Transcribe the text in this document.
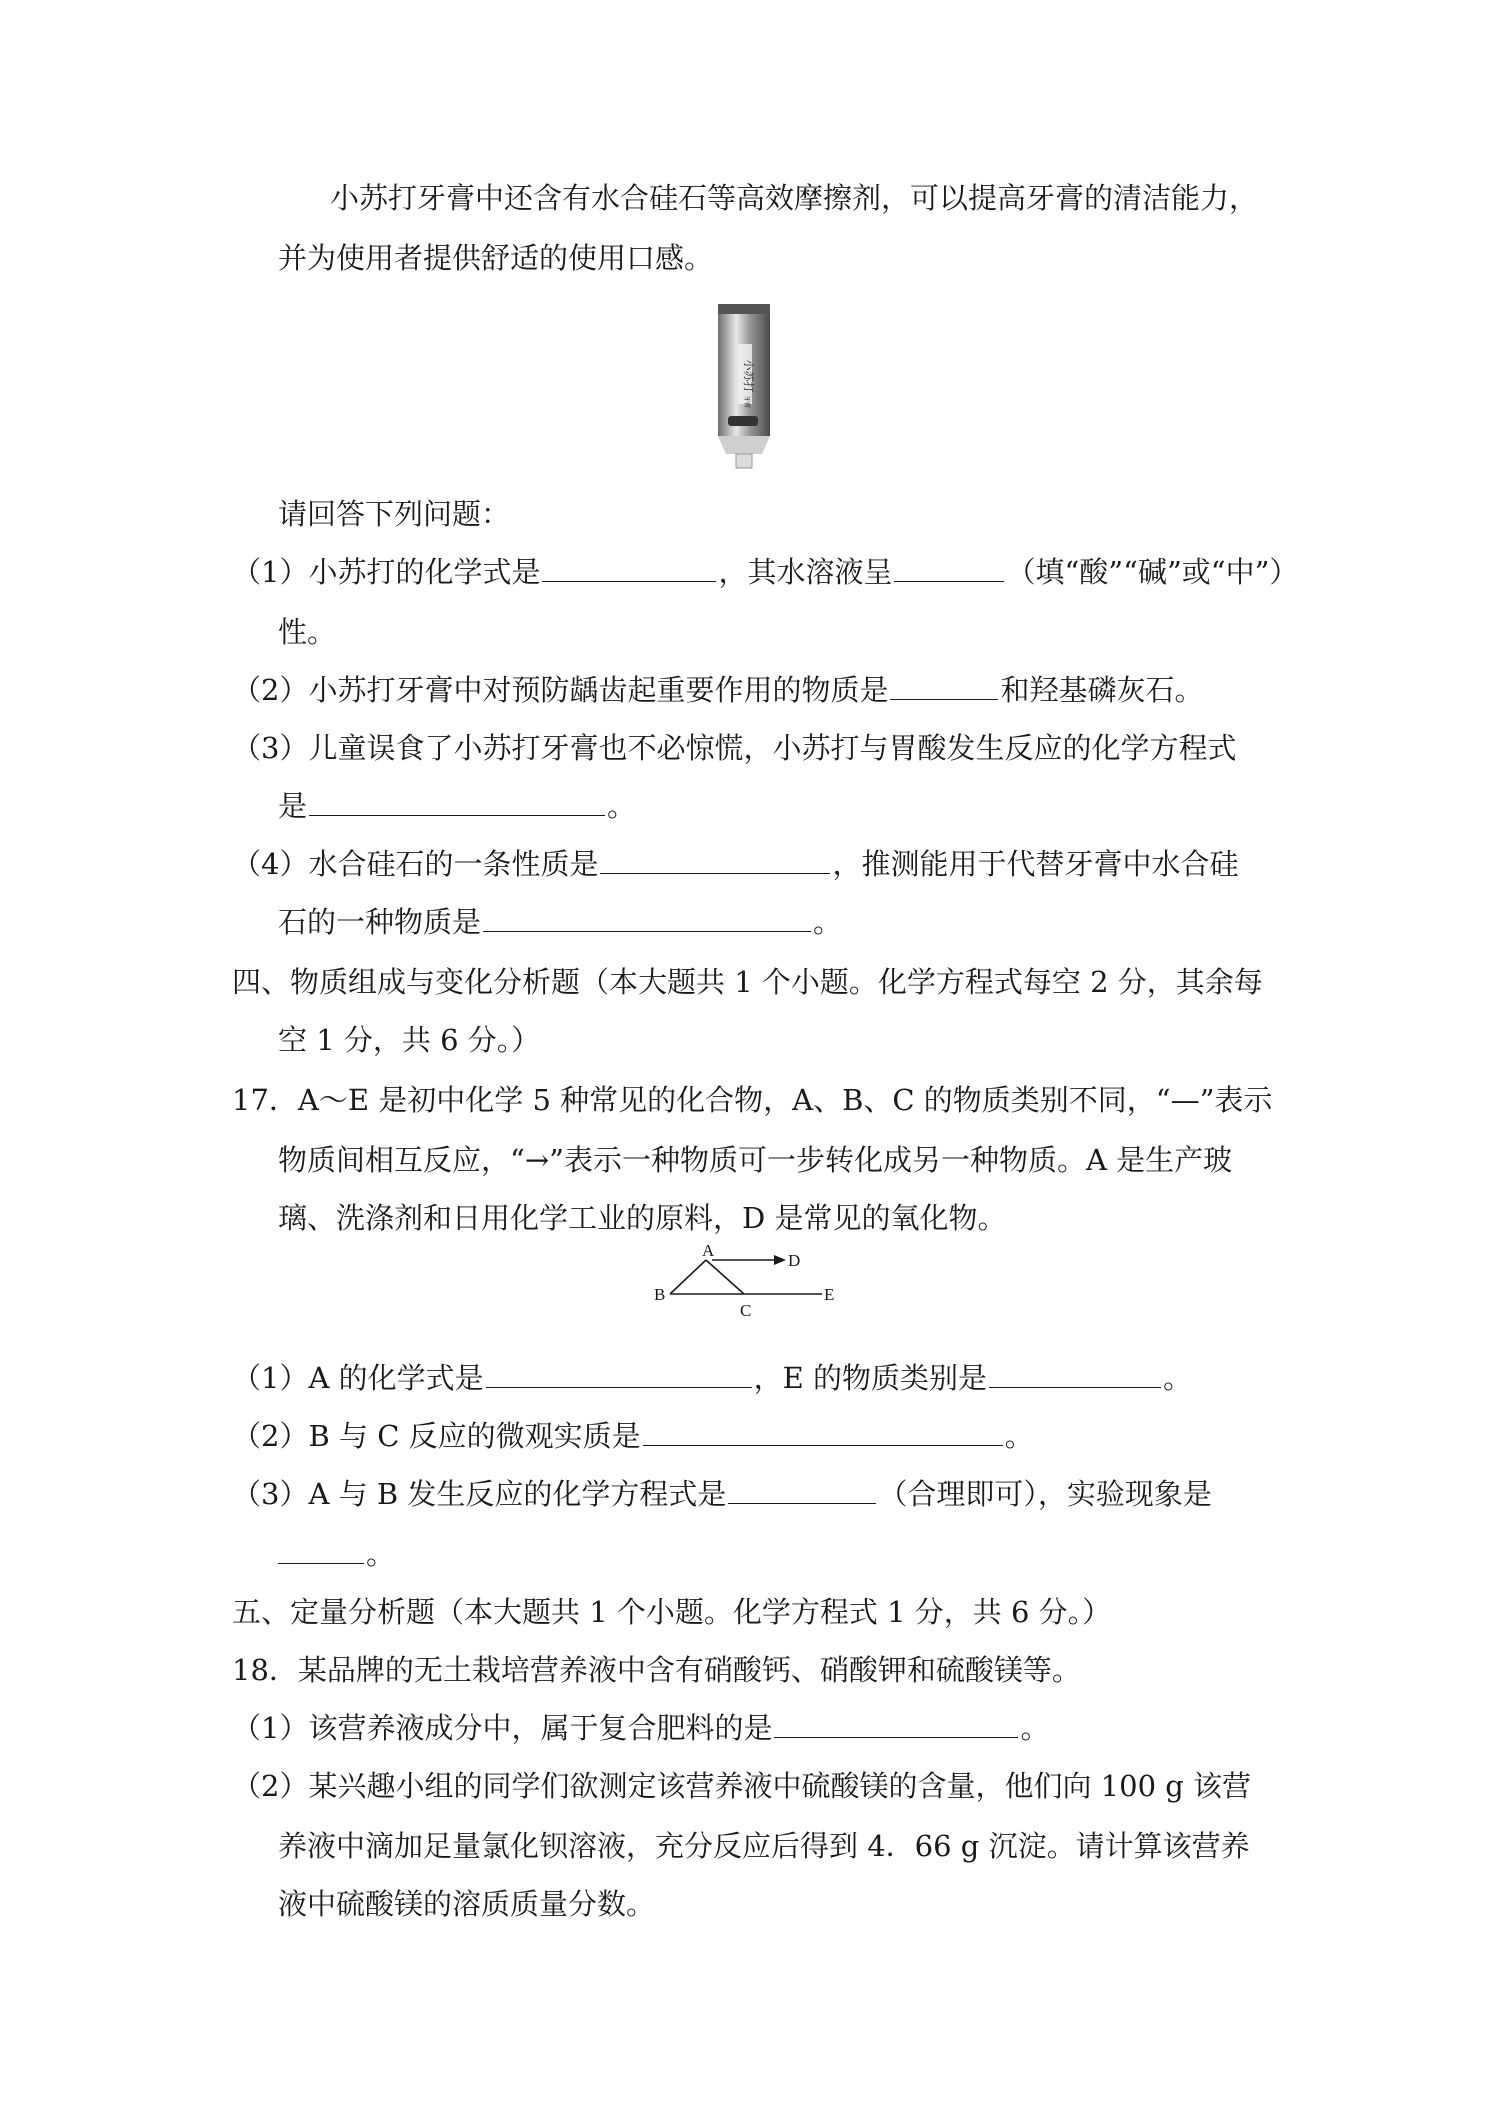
小苏打牙膏中还含有水合硅石等高效摩擦剂，可以提高牙膏的清洁能力，
并为使用者提供舒适的使用口感。
小苏打
牙膏
请回答下列问题：
（1）小苏打的化学式是	，其水溶液呈	（填“酸”“碱”或“中”）
性。
（2）小苏打牙膏中对预防龋齿起重要作用的物质是	和羟基磷灰石。
（3）儿童误食了小苏打牙膏也不必惊慌，小苏打与胃酸发生反应的化学方程式
是	。
（4）水合硅石的一条性质是	，推测能用于代替牙膏中水合硅
石的一种物质是	。
四、物质组成与变化分析题（本大题共 1 个小题。化学方程式每空 2 分，其余每
空 1 分，共 6 分。）
17．A～E 是初中化学 5 种常见的化合物，A、B、C 的物质类别不同，“—”表示
物质间相互反应，“→”表示一种物质可一步转化成另一种物质。A 是生产玻
璃、洗涤剂和日用化学工业的原料，D 是常见的氧化物。
A
D
B
C
E
（1）A 的化学式是	，E 的物质类别是	。
（2）B 与 C 反应的微观实质是	。
（3）A 与 B 发生反应的化学方程式是	（合理即可），实验现象是
。
五、定量分析题（本大题共 1 个小题。化学方程式 1 分，共 6 分。）
18．某品牌的无土栽培营养液中含有硝酸钙、硝酸钾和硫酸镁等。
（1）该营养液成分中，属于复合肥料的是	。
（2）某兴趣小组的同学们欲测定该营养液中硫酸镁的含量，他们向 100 g 该营
养液中滴加足量氯化钡溶液，充分反应后得到 4．66 g 沉淀。请计算该营养
液中硫酸镁的溶质质量分数。
